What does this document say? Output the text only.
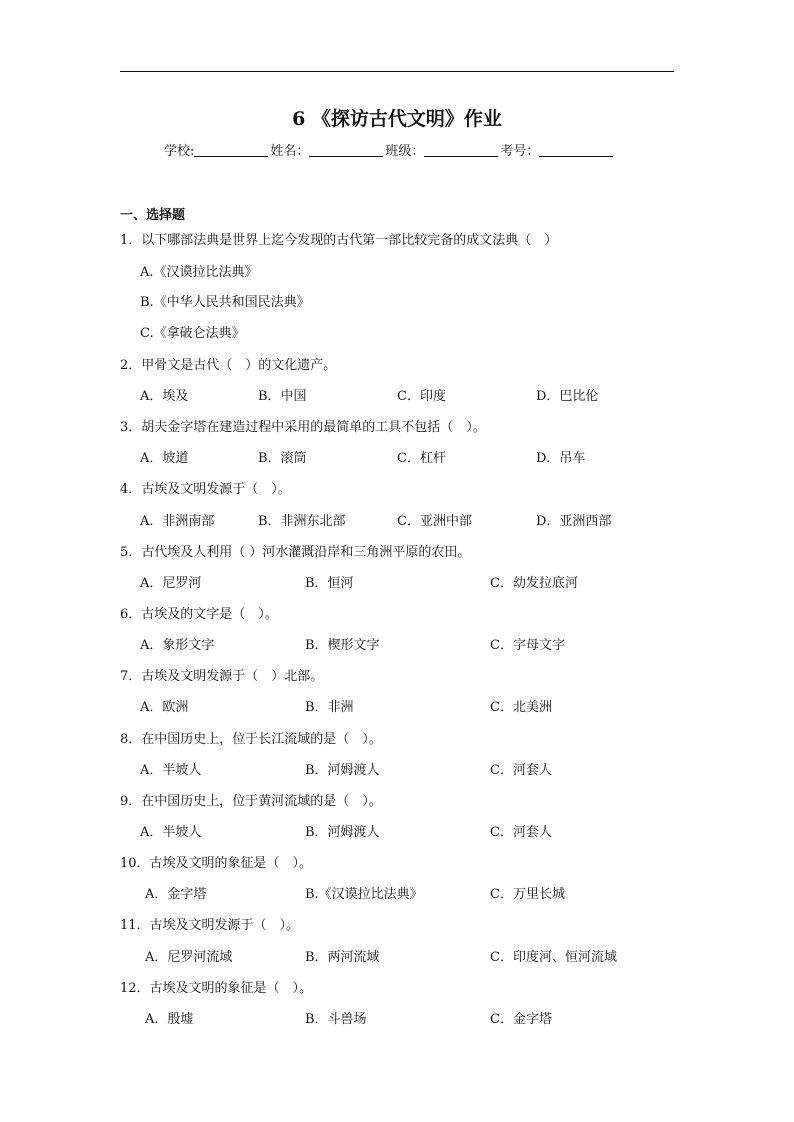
6 《探访古代文明》作业
学校:	姓名：	班级：	考号：
一、选择题
1．以下哪部法典是世界上迄今发现的古代第一部比较完备的成文法典（　）
A.《汉谟拉比法典》
B.《中华人民共和国民法典》
C.《拿破仑法典》
2．甲骨文是古代（　）的文化遗产。
A．埃及	B．中国	C．印度	D．巴比伦
3．胡夫金字塔在建造过程中采用的最简单的工具不包括（　）。
A．坡道	B．滚筒	C．杠杆	D．吊车
4．古埃及文明发源于（　）。
A．非洲南部	B．非洲东北部	C．亚洲中部	D．亚洲西部
5．古代埃及人利用（ ）河水灌溉沿岸和三角洲平原的农田。
A．尼罗河	B．恒河	C．幼发拉底河
6．古埃及的文字是（　）。
A．象形文字	B．楔形文字	C．字母文字
7．古埃及文明发源于（　）北部。
A．欧洲	B．非洲	C．北美洲
8．在中国历史上，位于长江流域的是（　）。
A．半坡人	B．河姆渡人	C．河套人
9．在中国历史上，位于黄河流域的是（　）。
A．半坡人	B．河姆渡人	C．河套人
10．古埃及文明的象征是（　）。
A．金字塔	B.《汉谟拉比法典》	C．万里长城
11．古埃及文明发源于（　）。
A．尼罗河流域	B．两河流域	C．印度河、恒河流域
12．古埃及文明的象征是（　）。
A．殷墟	B．斗兽场	C．金字塔
